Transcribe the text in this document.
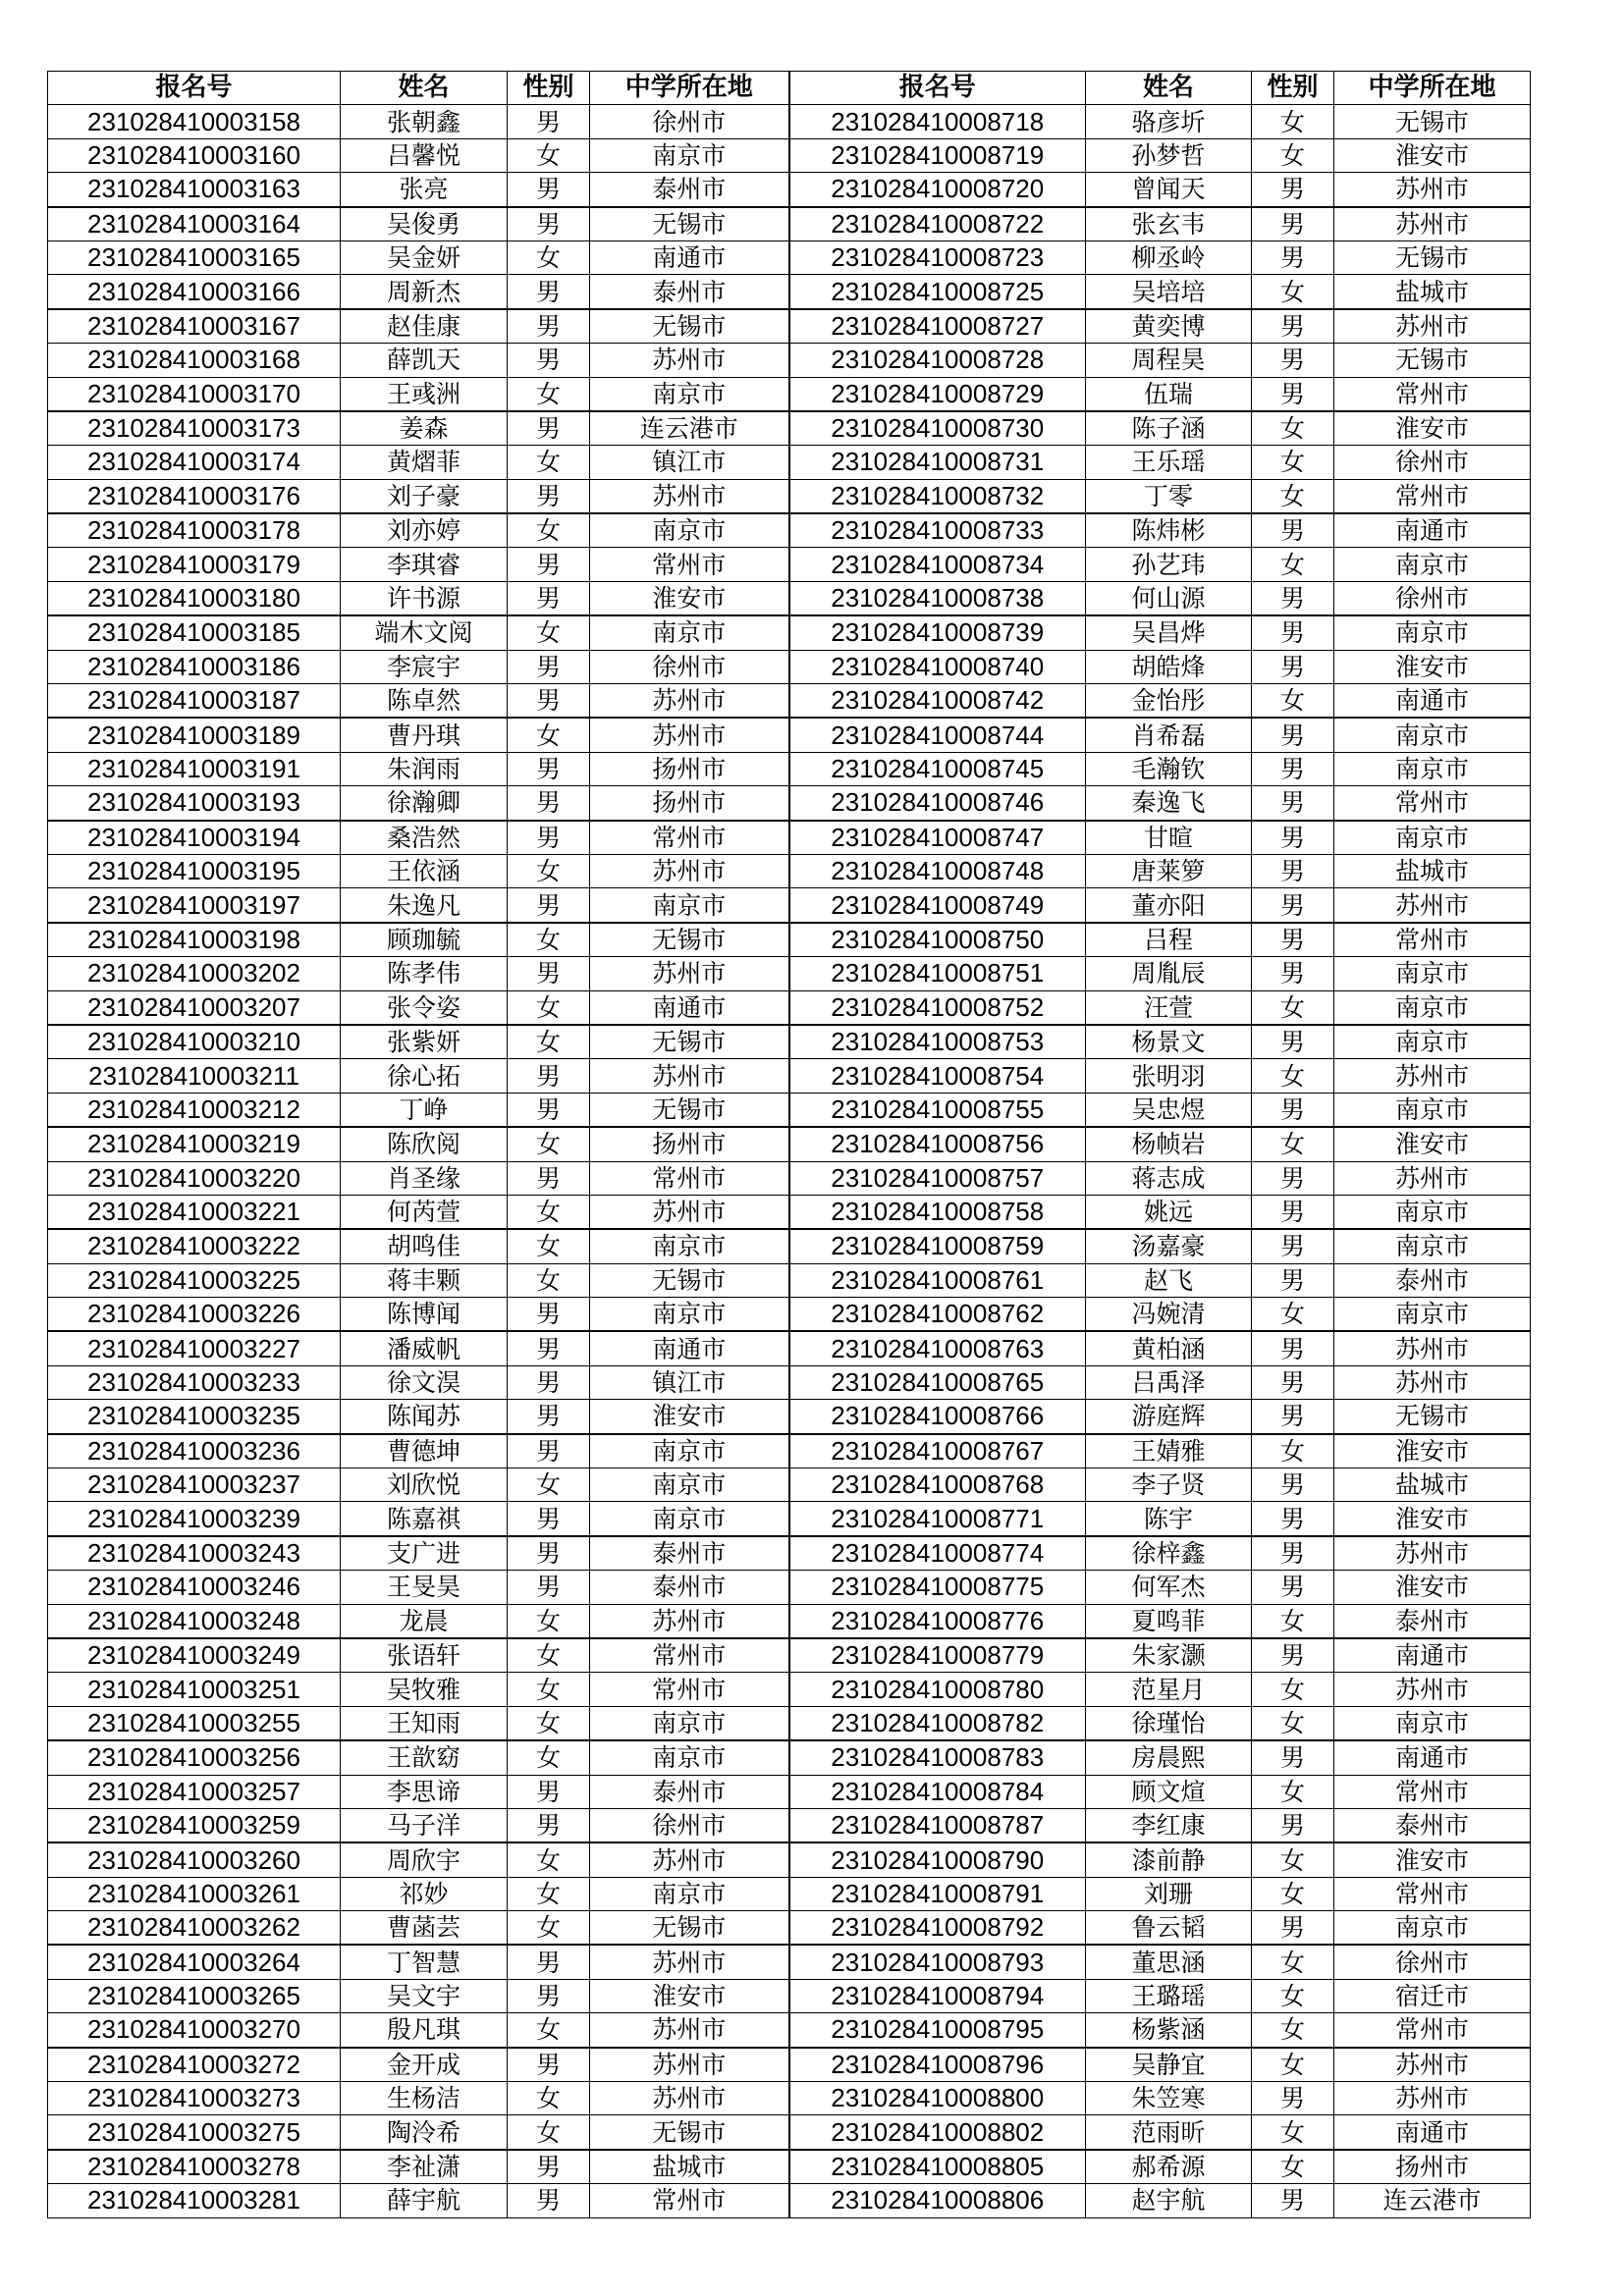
报名号	姓名	性别	中学所在地	报名号	姓名	性别	中学所在地
231028410003158	张朝鑫	男	徐州市	231028410008718	骆彦圻	女	无锡市
231028410003160	吕馨悦	女	南京市	231028410008719	孙梦哲	女	淮安市
231028410003163	张亮	男	泰州市	231028410008720	曾闻天	男	苏州市
231028410003164	吴俊勇	男	无锡市	231028410008722	张玄韦	男	苏州市
231028410003165	吴金妍	女	南通市	231028410008723	柳丞岭	男	无锡市
231028410003166	周新杰	男	泰州市	231028410008725	吴培培	女	盐城市
231028410003167	赵佳康	男	无锡市	231028410008727	黄奕博	男	苏州市
231028410003168	薛凯天	男	苏州市	231028410008728	周程昊	男	无锡市
231028410003170	王彧洲	女	南京市	231028410008729	伍瑞	男	常州市
231028410003173	姜森	男	连云港市	231028410008730	陈子涵	女	淮安市
231028410003174	黄熠菲	女	镇江市	231028410008731	王乐瑶	女	徐州市
231028410003176	刘子豪	男	苏州市	231028410008732	丁零	女	常州市
231028410003178	刘亦婷	女	南京市	231028410008733	陈炜彬	男	南通市
231028410003179	李琪睿	男	常州市	231028410008734	孙艺玮	女	南京市
231028410003180	许书源	男	淮安市	231028410008738	何山源	男	徐州市
231028410003185	端木文阅	女	南京市	231028410008739	吴昌烨	男	南京市
231028410003186	李宸宇	男	徐州市	231028410008740	胡皓烽	男	淮安市
231028410003187	陈卓然	男	苏州市	231028410008742	金怡彤	女	南通市
231028410003189	曹丹琪	女	苏州市	231028410008744	肖希磊	男	南京市
231028410003191	朱润雨	男	扬州市	231028410008745	毛瀚钦	男	南京市
231028410003193	徐瀚卿	男	扬州市	231028410008746	秦逸飞	男	常州市
231028410003194	桑浩然	男	常州市	231028410008747	甘暄	男	南京市
231028410003195	王依涵	女	苏州市	231028410008748	唐莱箩	男	盐城市
231028410003197	朱逸凡	男	南京市	231028410008749	董亦阳	男	苏州市
231028410003198	顾珈毓	女	无锡市	231028410008750	吕程	男	常州市
231028410003202	陈孝伟	男	苏州市	231028410008751	周胤辰	男	南京市
231028410003207	张令姿	女	南通市	231028410008752	汪萱	女	南京市
231028410003210	张紫妍	女	无锡市	231028410008753	杨景文	男	南京市
231028410003211	徐心拓	男	苏州市	231028410008754	张明羽	女	苏州市
231028410003212	丁峥	男	无锡市	231028410008755	吴忠煜	男	南京市
231028410003219	陈欣阅	女	扬州市	231028410008756	杨帧岩	女	淮安市
231028410003220	肖圣缘	男	常州市	231028410008757	蒋志成	男	苏州市
231028410003221	何芮萱	女	苏州市	231028410008758	姚远	男	南京市
231028410003222	胡鸣佳	女	南京市	231028410008759	汤嘉豪	男	南京市
231028410003225	蒋丰颗	女	无锡市	231028410008761	赵飞	男	泰州市
231028410003226	陈博闻	男	南京市	231028410008762	冯婉清	女	南京市
231028410003227	潘威帆	男	南通市	231028410008763	黄柏涵	男	苏州市
231028410003233	徐文淏	男	镇江市	231028410008765	吕禹泽	男	苏州市
231028410003235	陈闻苏	男	淮安市	231028410008766	游庭辉	男	无锡市
231028410003236	曹德坤	男	南京市	231028410008767	王婧雅	女	淮安市
231028410003237	刘欣悦	女	南京市	231028410008768	李子贤	男	盐城市
231028410003239	陈嘉祺	男	南京市	231028410008771	陈宇	男	淮安市
231028410003243	支广进	男	泰州市	231028410008774	徐梓鑫	男	苏州市
231028410003246	王旻昊	男	泰州市	231028410008775	何军杰	男	淮安市
231028410003248	龙晨	女	苏州市	231028410008776	夏鸣菲	女	泰州市
231028410003249	张语轩	女	常州市	231028410008779	朱家灏	男	南通市
231028410003251	吴牧雅	女	常州市	231028410008780	范星月	女	苏州市
231028410003255	王知雨	女	南京市	231028410008782	徐瑾怡	女	南京市
231028410003256	王歆窈	女	南京市	231028410008783	房晨熙	男	南通市
231028410003257	李思谛	男	泰州市	231028410008784	顾文煊	女	常州市
231028410003259	马子洋	男	徐州市	231028410008787	李红康	男	泰州市
231028410003260	周欣宇	女	苏州市	231028410008790	漆前静	女	淮安市
231028410003261	祁妙	女	南京市	231028410008791	刘珊	女	常州市
231028410003262	曹菡芸	女	无锡市	231028410008792	鲁云韬	男	南京市
231028410003264	丁智慧	男	苏州市	231028410008793	董思涵	女	徐州市
231028410003265	吴文宇	男	淮安市	231028410008794	王璐瑶	女	宿迁市
231028410003270	殷凡琪	女	苏州市	231028410008795	杨紫涵	女	常州市
231028410003272	金开成	男	苏州市	231028410008796	吴静宜	女	苏州市
231028410003273	生杨洁	女	苏州市	231028410008800	朱笠寒	男	苏州市
231028410003275	陶泠希	女	无锡市	231028410008802	范雨昕	女	南通市
231028410003278	李祉潇	男	盐城市	231028410008805	郝希源	女	扬州市
231028410003281	薛宇航	男	常州市	231028410008806	赵宇航	男	连云港市
